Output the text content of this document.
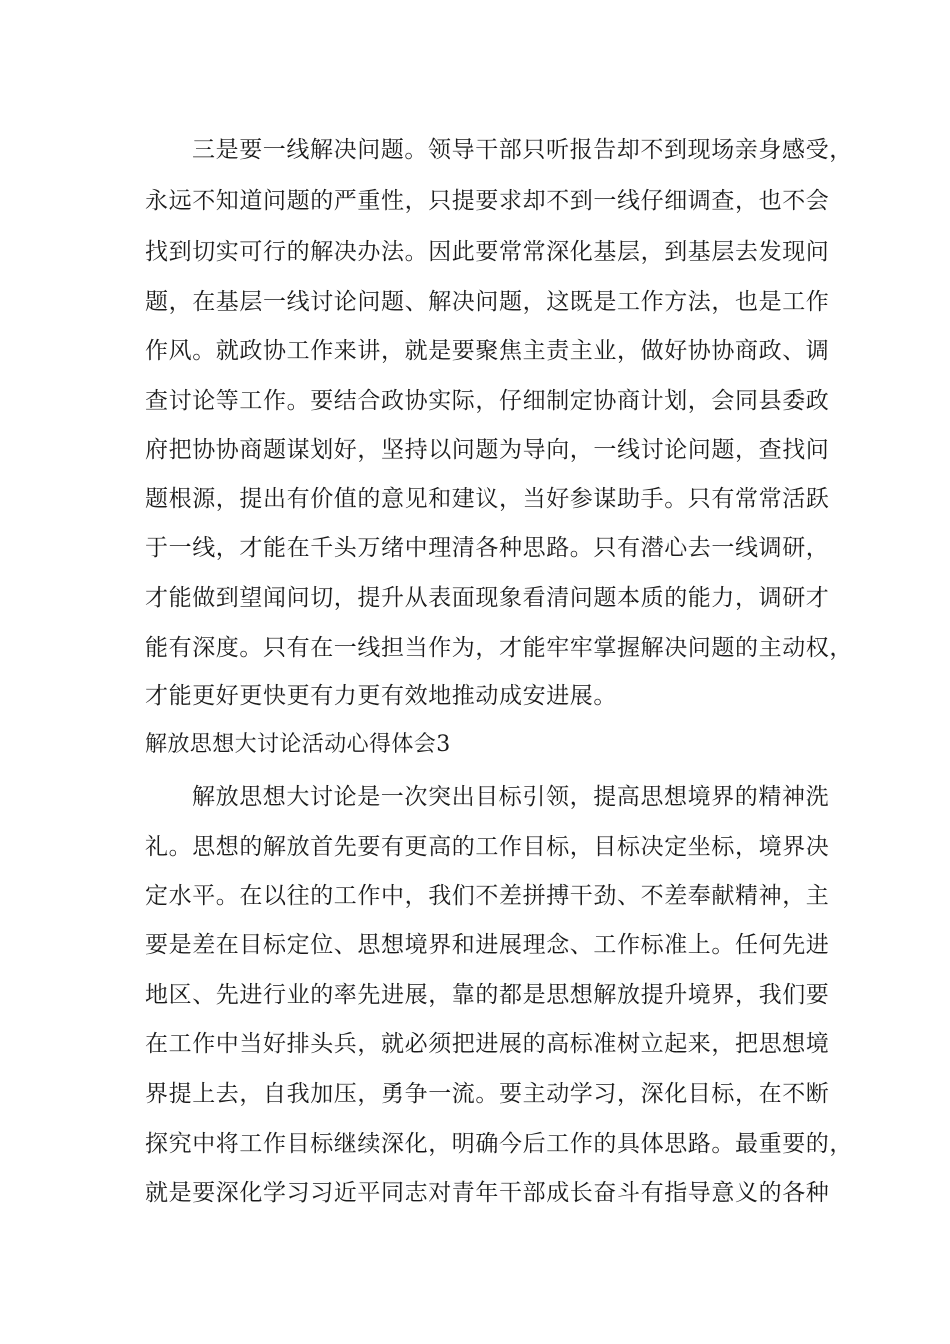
三是要一线解决问题。领导干部只听报告却不到现场亲身感受，
永远不知道问题的严重性，只提要求却不到一线仔细调查，也不会
找到切实可行的解决办法。因此要常常深化基层，到基层去发现问
题，在基层一线讨论问题、解决问题，这既是工作方法，也是工作
作风。就政协工作来讲，就是要聚焦主责主业，做好协协商政、调
查讨论等工作。要结合政协实际，仔细制定协商计划，会同县委政
府把协协商题谋划好，坚持以问题为导向，一线讨论问题，查找问
题根源，提出有价值的意见和建议，当好参谋助手。只有常常活跃
于一线，才能在千头万绪中理清各种思路。只有潜心去一线调研，
才能做到望闻问切，提升从表面现象看清问题本质的能力，调研才
能有深度。只有在一线担当作为，才能牢牢掌握解决问题的主动权，
才能更好更快更有力更有效地推动成安进展。
解放思想大讨论活动心得体会3
解放思想大讨论是一次突出目标引领，提高思想境界的精神洗
礼。思想的解放首先要有更高的工作目标，目标决定坐标，境界决
定水平。在以往的工作中，我们不差拼搏干劲、不差奉献精神，主
要是差在目标定位、思想境界和进展理念、工作标准上。任何先进
地区、先进行业的率先进展，靠的都是思想解放提升境界，我们要
在工作中当好排头兵，就必须把进展的高标准树立起来，把思想境
界提上去，自我加压，勇争一流。要主动学习，深化目标，在不断
探究中将工作目标继续深化，明确今后工作的具体思路。最重要的，
就是要深化学习习近平同志对青年干部成长奋斗有指导意义的各种
